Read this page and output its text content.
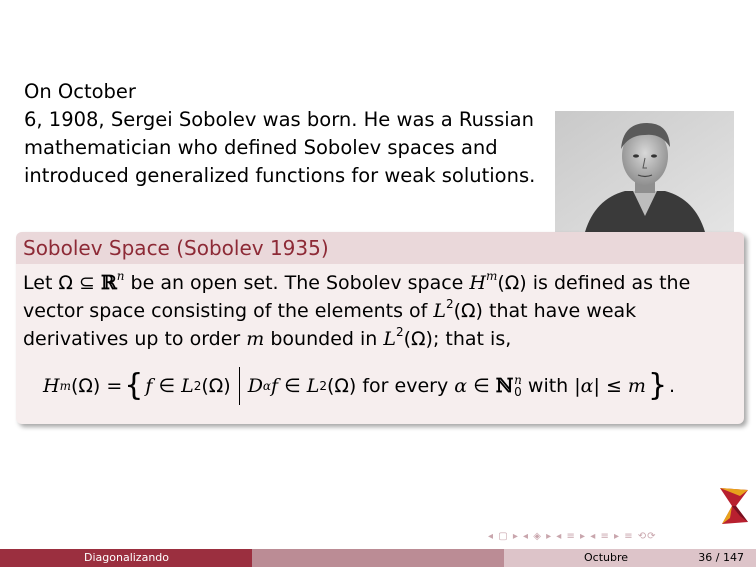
On October
6, 1908, Sergei Sobolev was born. He was a Russian
mathematician who defined Sobolev spaces and
introduced generalized functions for weak solutions.
Sobolev Space (Sobolev 1935)
Let Ω ⊆ ℝ$^n$ be an open set. The Sobolev space $H^m(\Omega)$ is defined as the
vector space consisting of the elements of $L^2(\Omega)$ that have weak
derivatives up to order m bounded in $L^2(\Omega)$; that is,
H m (Ω) = { f ∈ L 2 (Ω) D α f ∈ L 2 (Ω) for every α ∈ ℕ n
0 with | α | ≤ m } .
◂ ▢ ▸ ◂ ◈ ▸ ◂ ≡ ▸ ◂ ≡ ▸ ≡ ⟲⟳
Diagonalizando	Octubre	36 / 147
